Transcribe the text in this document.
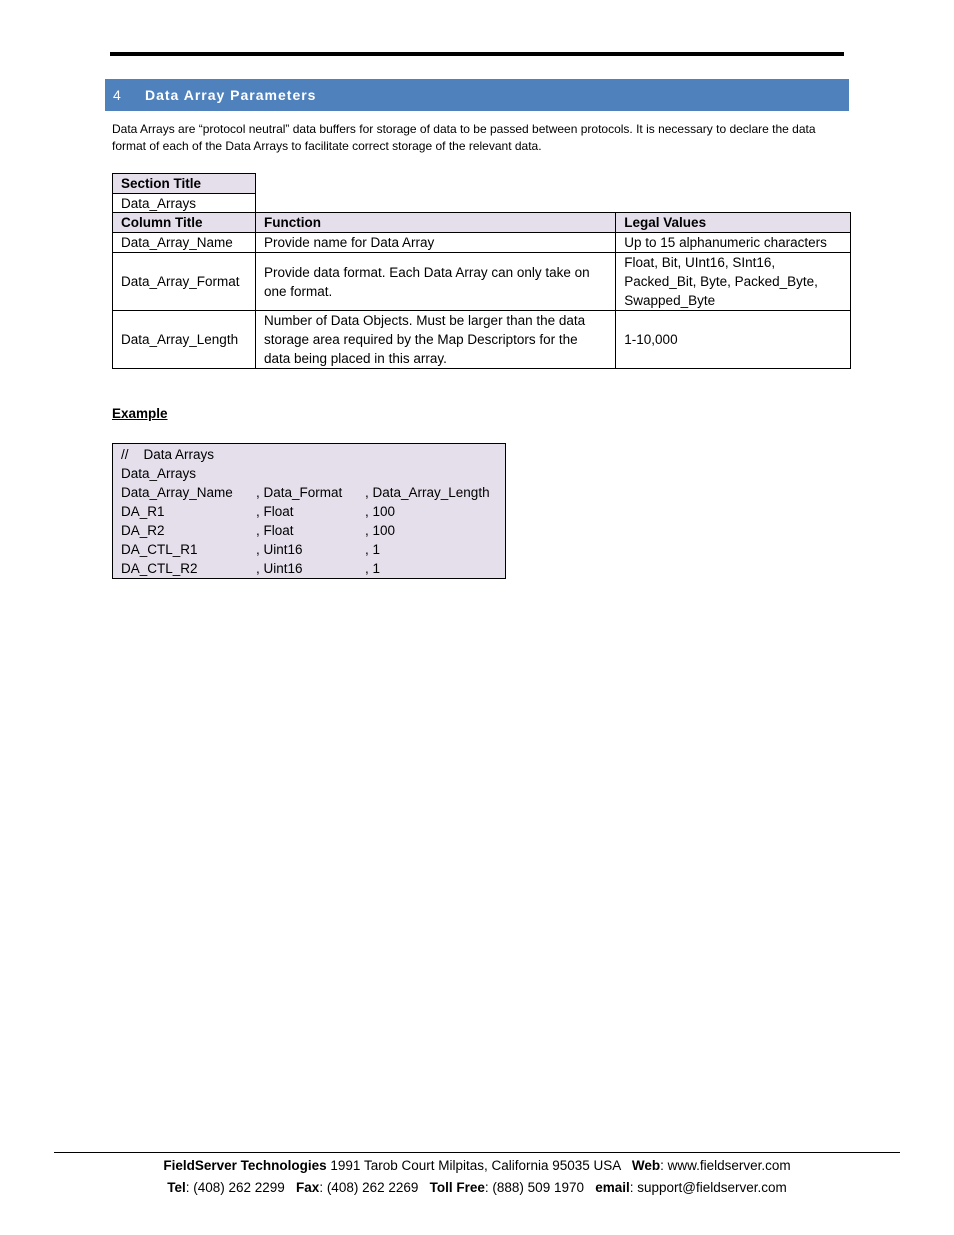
4	Data Array Parameters
Data Arrays are “protocol neutral” data buffers for storage of data to be passed between protocols. It is necessary to declare the data format of each of the Data Arrays to facilitate correct storage of the relevant data.
Section Title
Data_Arrays
Column Title	Function	Legal Values
Data_Array_Name	Provide name for Data Array	Up to 15 alphanumeric characters
Data_Array_Format	Provide data format. Each Data Array can only take on one format.	Float, Bit, UInt16, SInt16, Packed_Bit, Byte, Packed_Byte, Swapped_Byte
Data_Array_Length	Number of Data Objects. Must be larger than the data storage area required by the Map Descriptors for the data being placed in this array.	1-10,000
Example
//    Data Arrays
Data_Arrays
Data_Array_Name	, Data_Format	, Data_Array_Length
DA_R1	, Float	, 100
DA_R2	, Float	, 100
DA_CTL_R1	, Uint16	, 1
DA_CTL_R2	, Uint16	, 1
FieldServer Technologies 1991 Tarob Court Milpitas, California 95035 USA   Web: www.fieldserver.com
Tel: (408) 262 2299   Fax: (408) 262 2269   Toll Free: (888) 509 1970   email: support@fieldserver.com
